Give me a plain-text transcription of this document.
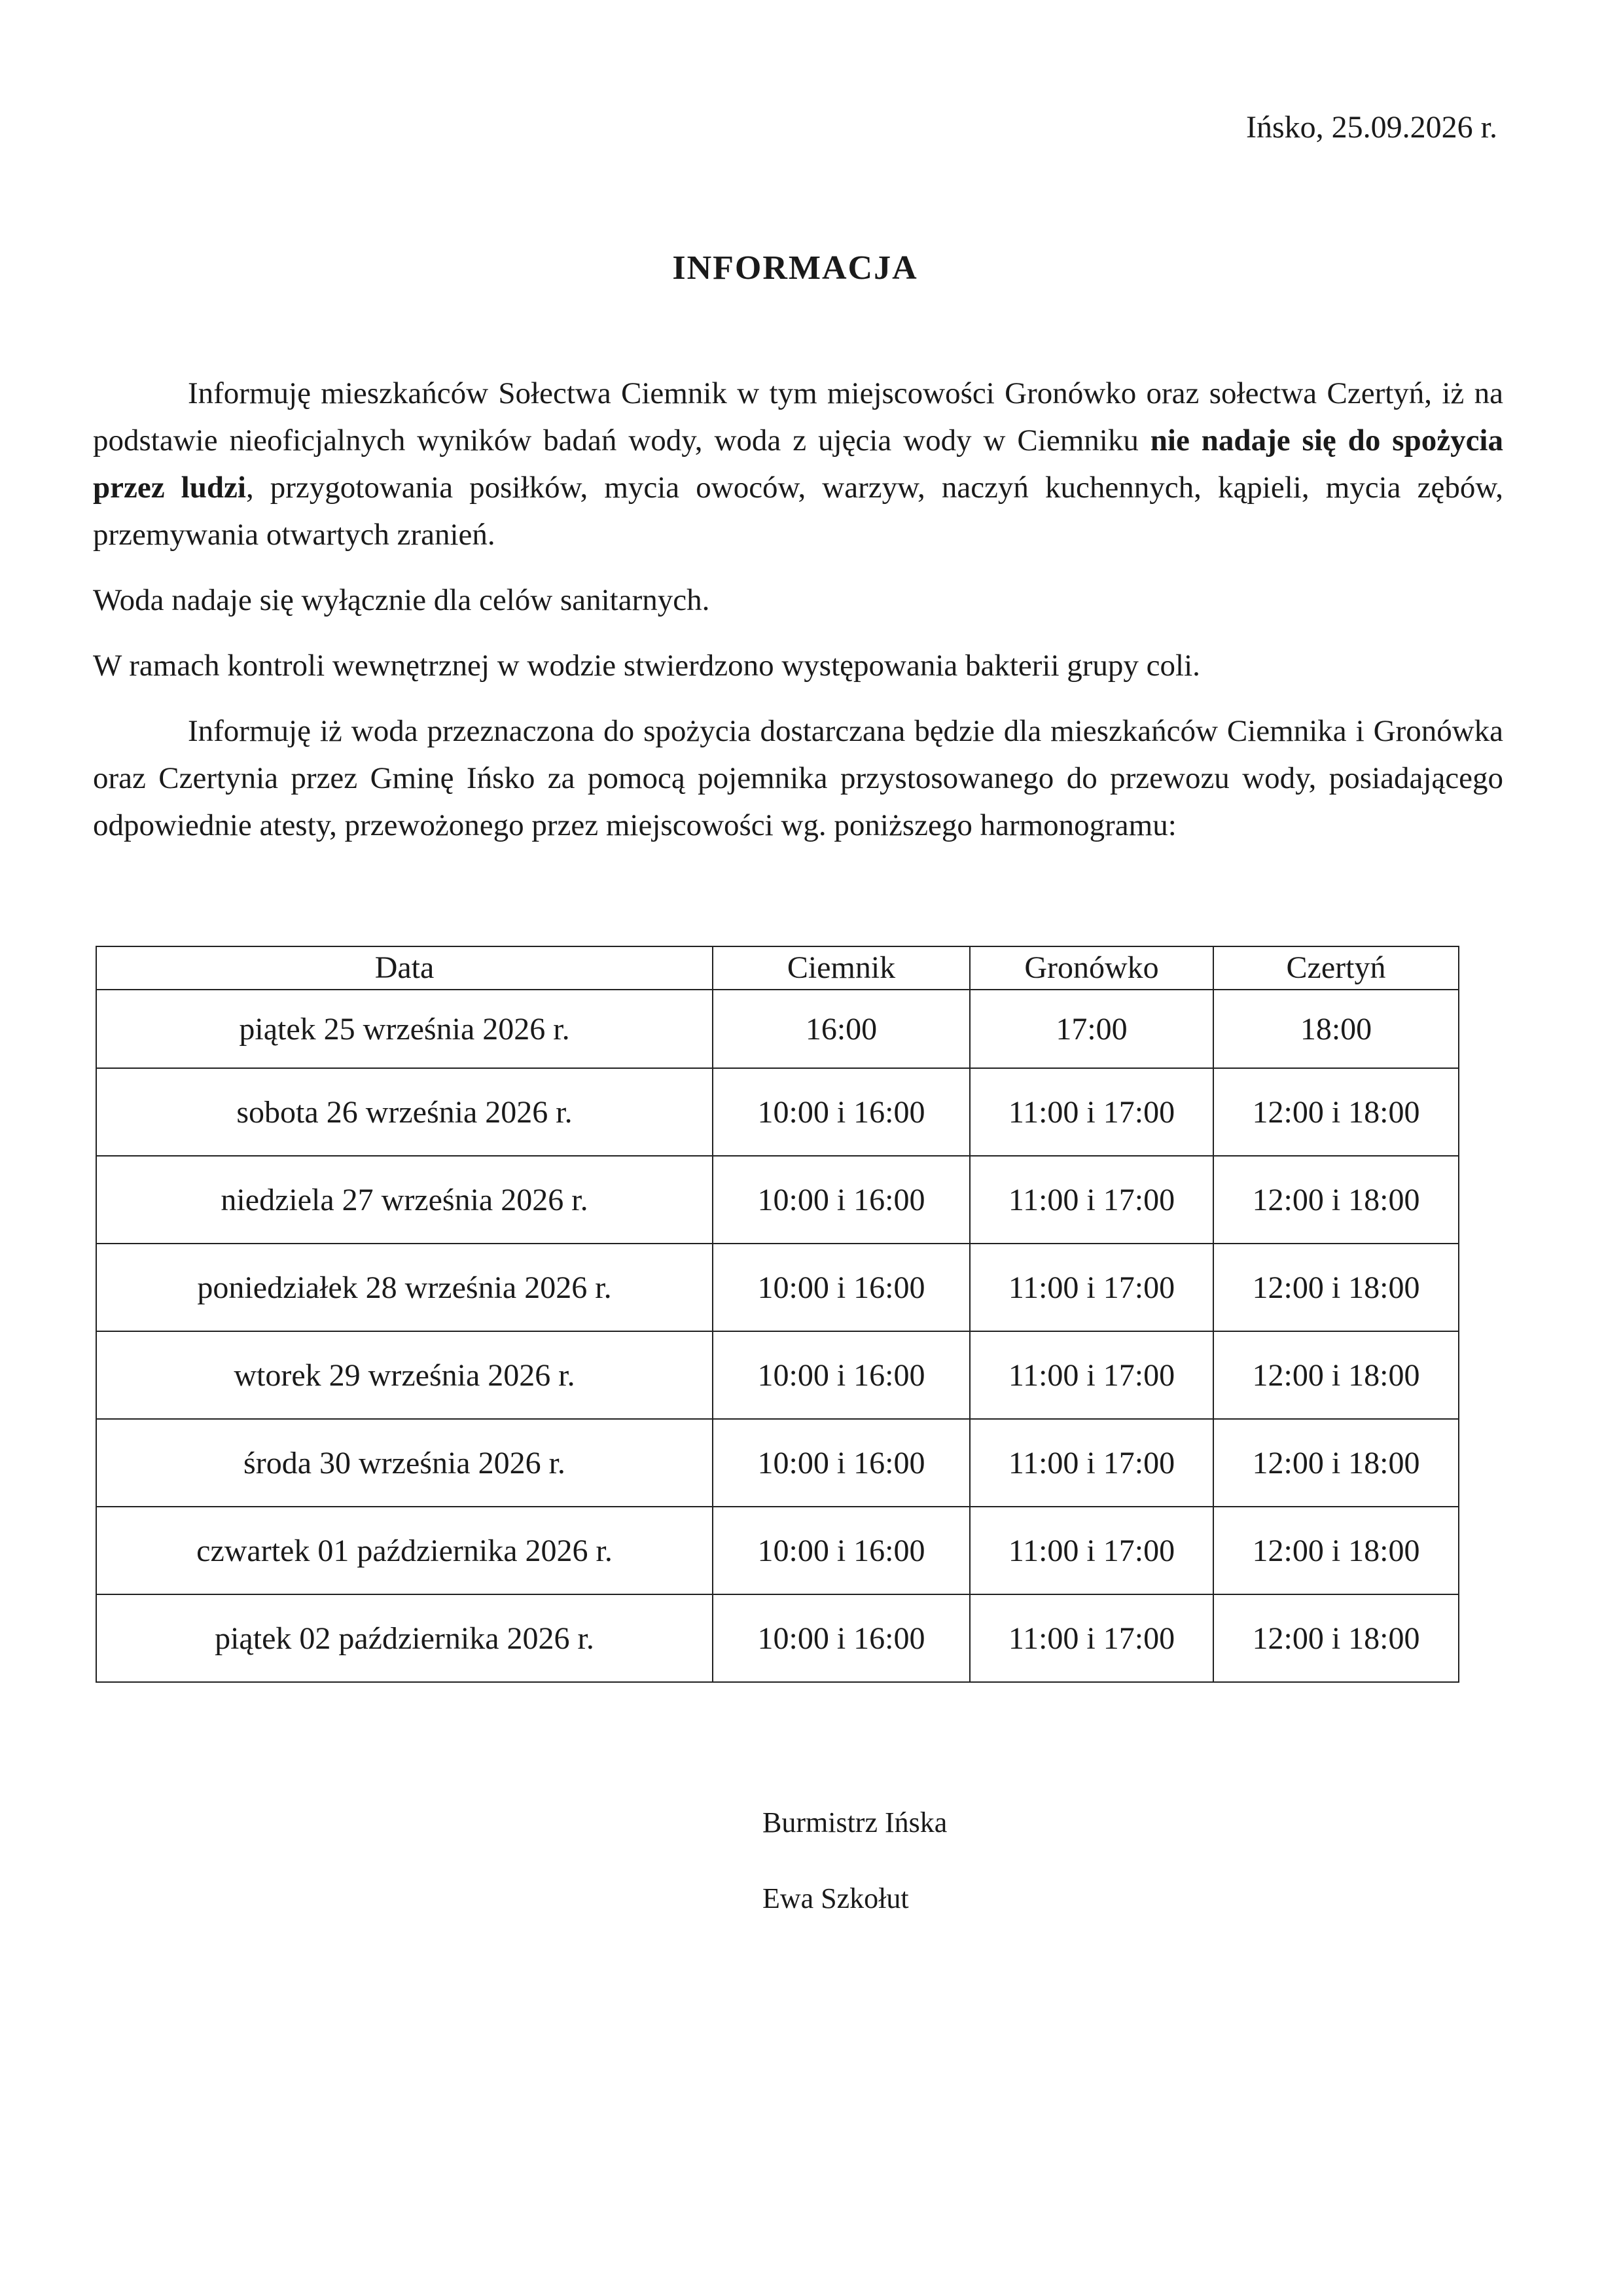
Ińsko, 25.09.2026 r.
INFORMACJA

Informuję mieszkańców Sołectwa Ciemnik w tym miejscowości Gronówko oraz sołectwa Czertyń, iż na podstawie nieoficjalnych wyników badań wody, woda z ujęcia wody w Ciemniku nie nadaje się do spożycia przez ludzi, przygotowania posiłków, mycia owoców, warzyw, naczyń kuchennych, kąpieli, mycia zębów, przemywania otwartych zranień.

Woda nadaje się wyłącznie dla celów sanitarnych.

W ramach kontroli wewnętrznej w wodzie stwierdzono występowania bakterii grupy coli.

Informuję iż woda przeznaczona do spożycia dostarczana będzie dla mieszkańców Ciemnika i Gronówka oraz Czertynia przez Gminę Ińsko za pomocą pojemnika przystosowanego do przewozu wody, posiadającego odpowiednie atesty, przewożonego przez miejscowości wg. poniższego harmonogramu:

Data	Ciemnik	Gronówko	Czertyń
piątek 25 września 2026 r.	16:00	17:00	18:00
sobota 26 września 2026 r.	10:00 i 16:00	11:00 i 17:00	12:00 i 18:00
niedziela 27 września 2026 r.	10:00 i 16:00	11:00 i 17:00	12:00 i 18:00
poniedziałek 28 września 2026 r.	10:00 i 16:00	11:00 i 17:00	12:00 i 18:00
wtorek 29 września 2026 r.	10:00 i 16:00	11:00 i 17:00	12:00 i 18:00
środa 30 września 2026 r.	10:00 i 16:00	11:00 i 17:00	12:00 i 18:00
czwartek 01 października 2026 r.	10:00 i 16:00	11:00 i 17:00	12:00 i 18:00
piątek 02 października 2026 r.	10:00 i 16:00	11:00 i 17:00	12:00 i 18:00
Burmistrz Ińska
Ewa Szkołut
